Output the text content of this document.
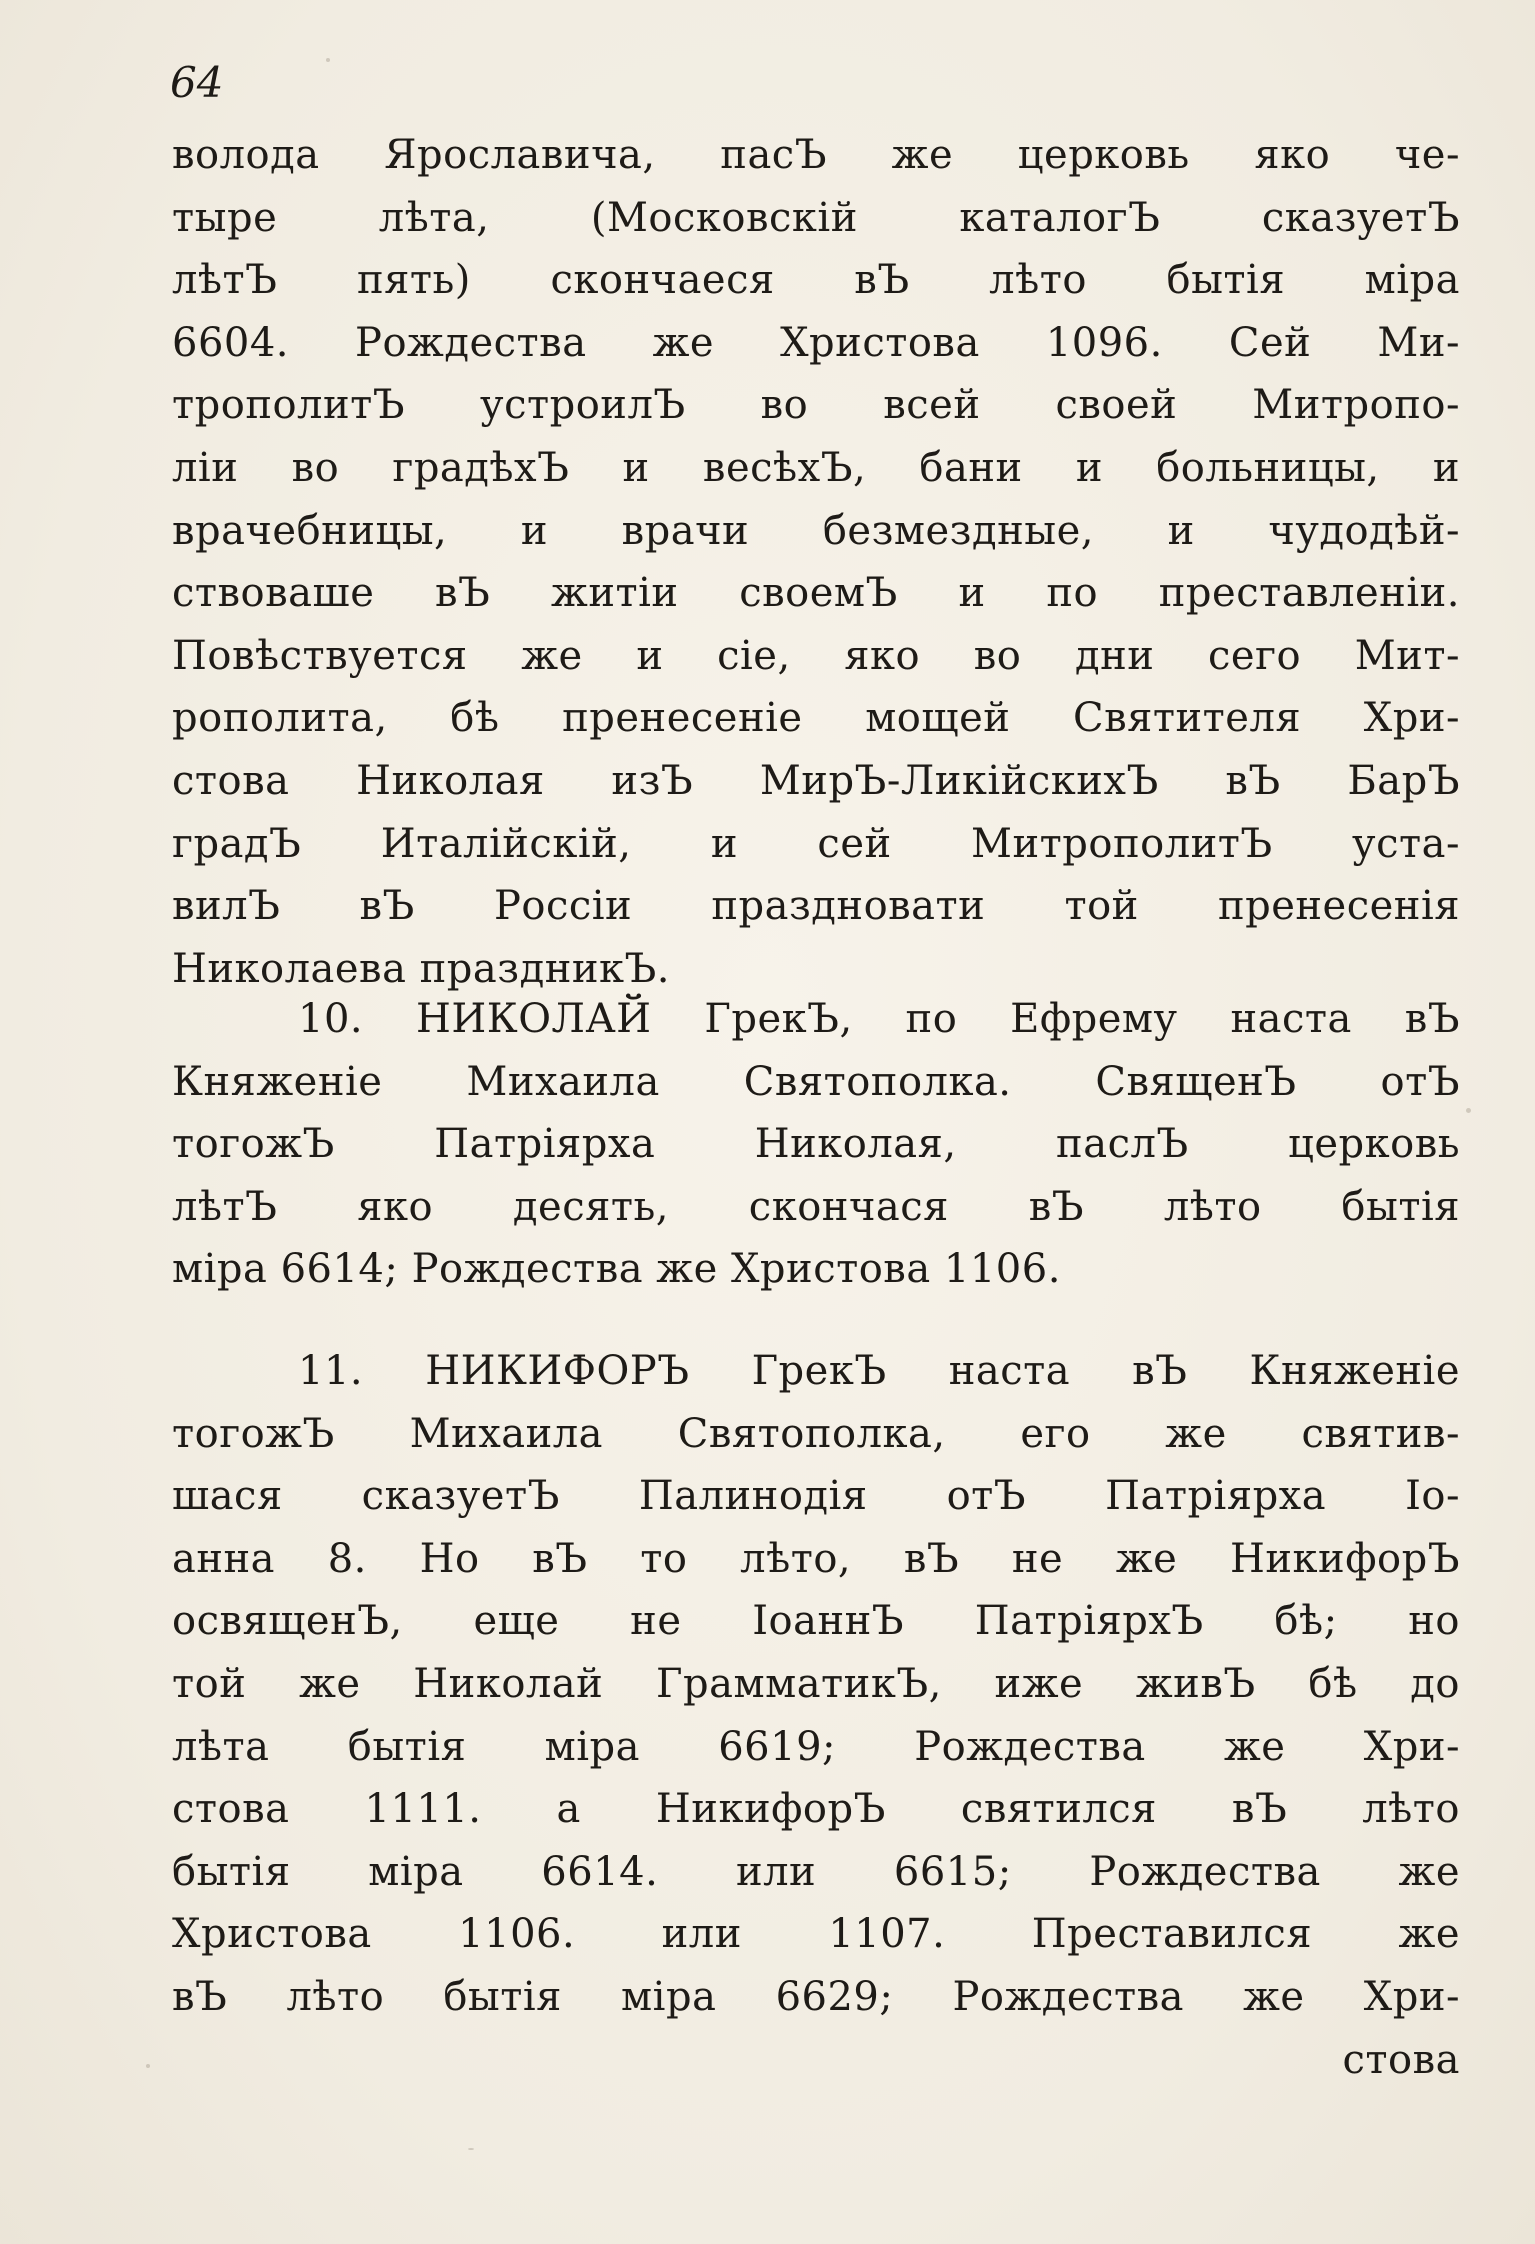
64
волода Ярославича, пасЪ же церковь яко че-
тыре лѣта, (Московскій каталогЪ сказуетЪ
лѣтЪ пять) скончаеся вЪ лѣто бытія міра
6604. Рождества же Христова 1096. Сей Ми-
трополитЪ устроилЪ во всей своей Митропо-
ліи во градѣхЪ и весѣхЪ, бани и больницы, и
врачебницы, и врачи безмездные, и чудодѣй-
ствоваше вЪ житіи своемЪ и по преставленіи.
Повѣствуется же и сіе, яко во дни сего Мит-
рополита, бѣ пренесеніе мощей Святителя Хри-
стова Николая изЪ МирЪ-ЛикійскихЪ вЪ БарЪ
градЪ Италійскій, и сей МитрополитЪ уста-
вилЪ вЪ Россіи праздновати той пренесенія
Николаева праздникЪ.
10. НИКОЛАЙ ГрекЪ, по Ефрему наста вЪ
Княженіе Михаила Святополка. СвященЪ отЪ
тогожЪ Патріярха Николая, паслЪ церковь
лѣтЪ яко десять, скончася вЪ лѣто бытія
міра 6614; Рождества же Христова 1106.
11. НИКИФОРЪ ГрекЪ наста вЪ Княженіе
тогожЪ Михаила Святополка, его же святив-
шася сказуетЪ Палинодія отЪ Патріярха Іо-
анна 8. Но вЪ то лѣто, вЪ не же НикифорЪ
освященЪ, еще не ІоаннЪ ПатріярхЪ бѣ; но
той же Николай ГрамматикЪ, иже живЪ бѣ до
лѣта бытія міра 6619; Рождества же Хри-
стова 1111. а НикифорЪ святился вЪ лѣто
бытія міра 6614. или 6615; Рождества же
Христова 1106. или 1107. Преставился же
вЪ лѣто бытія міра 6629; Рождества же Хри-
стова
